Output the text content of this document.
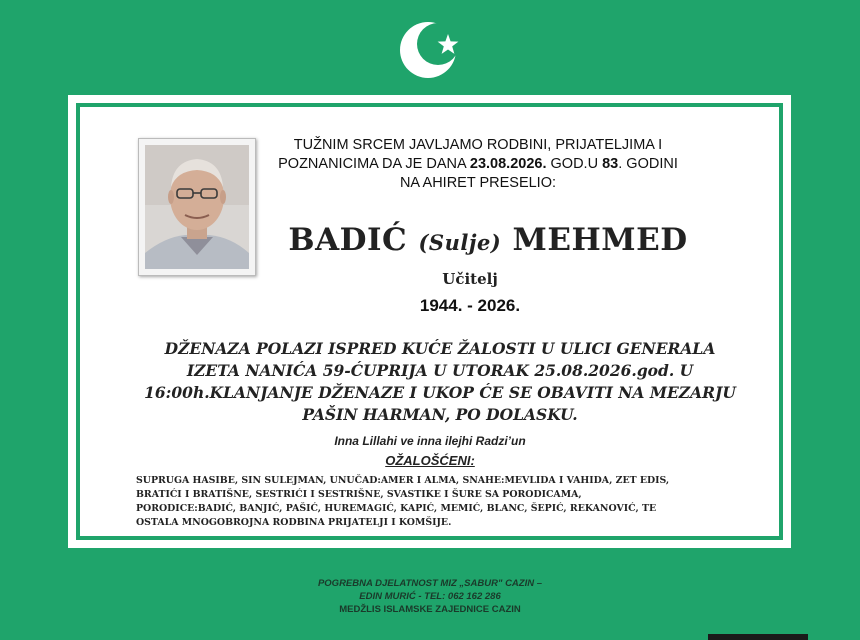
TUŽNIM SRCEM JAVLJAMO RODBINI, PRIJATELJIMA I
POZNANICIMA DA JE DANA 23.08.2026. GOD.U 83. GODINI
NA AHIRET PRESELIO:
BADIĆ (Sulje) MEHMED
Učitelj
1944. - 2026.
DŽENAZA POLAZI ISPRED KUĆE ŽALOSTI U ULICI GENERALA
IZETA NANIĆA 59-ĆUPRIJA U UTORAK 25.08.2026.god. U
16:00h.KLANJANJE DŽENAZE I UKOP ĆE SE OBAVITI NA MEZARJU
PAŠIN HARMAN, PO DOLASKU.
Inna Lillahi ve inna ilejhi Radzi’un
OŽALOŠĆENI:
SUPRUGA HASIBE, SIN SULEJMAN, UNUČAD:AMER I ALMA, SNAHE:MEVLIDA I VAHIDA, ZET EDIS,
BRATIĆI I BRATIŠNE, SESTRIĆI I SESTRIŠNE, SVASTIKE I ŠURE SA PORODICAMA,
PORODICE:BADIĆ, BANJIĆ, PAŠIĆ, HUREMAGIĆ, KAPIĆ, MEMIĆ, BLANC, ŠEPIĆ, REKANOVIĆ, TE
OSTALA MNOGOBROJNA RODBINA PRIJATELJI I KOMŠIJE.
POGREBNA DJELATNOST MIZ „SABUR" CAZIN –
EDIN MURIĆ - TEL: 062 162 286
MEDŽLIS ISLAMSKE ZAJEDNICE CAZIN
